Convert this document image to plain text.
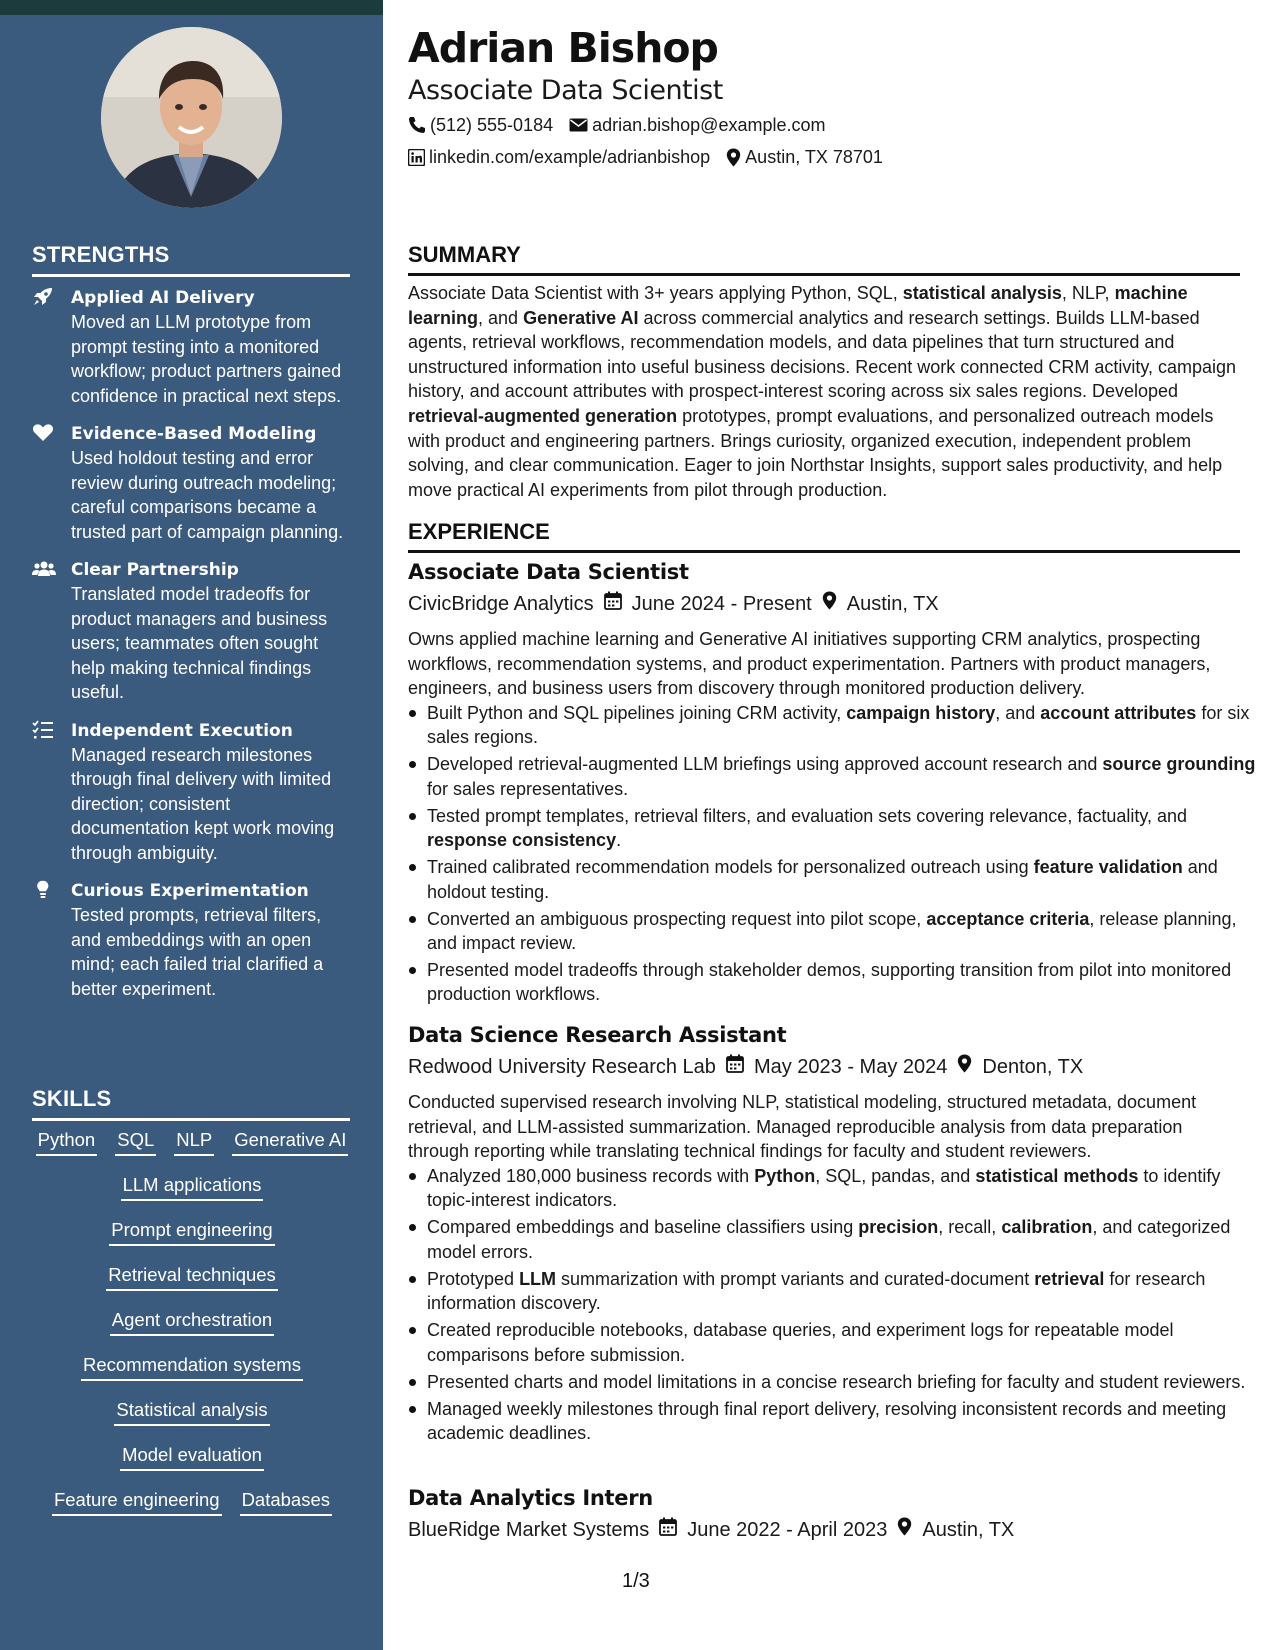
STRENGTHS
Applied AI Delivery
Moved an LLM prototype from prompt testing into a monitored workflow; product partners gained confidence in practical next steps.
Evidence-Based Modeling
Used holdout testing and error review during outreach modeling; careful comparisons became a trusted part of campaign planning.
Clear Partnership
Translated model tradeoffs for product managers and business users; teammates often sought help making technical findings useful.
Independent Execution
Managed research milestones through final delivery with limited direction; consistent documentation kept work moving through ambiguity.
Curious Experimentation
Tested prompts, retrieval filters, and embeddings with an open mind; each failed trial clarified a better experiment.
SKILLS
Python SQL NLP Generative AI
LLM applications
Prompt engineering
Retrieval techniques
Agent orchestration
Recommendation systems
Statistical analysis
Model evaluation
Feature engineering Databases
Adrian Bishop
Associate Data Scientist
(512) 555-0184 adrian.bishop@example.com
linkedin.com/example/adrianbishop Austin, TX 78701
SUMMARY
Associate Data Scientist with 3+ years applying Python, SQL, statistical analysis, NLP, machine learning, and Generative AI across commercial analytics and research settings. Builds LLM-based agents, retrieval workflows, recommendation models, and data pipelines that turn structured and unstructured information into useful business decisions. Recent work connected CRM activity, campaign history, and account attributes with prospect-interest scoring across six sales regions. Developed retrieval-augmented generation prototypes, prompt evaluations, and personalized outreach models with product and engineering partners. Brings curiosity, organized execution, independent problem solving, and clear communication. Eager to join Northstar Insights, support sales productivity, and help move practical AI experiments from pilot through production.
EXPERIENCE
Associate Data Scientist
CivicBridge Analytics June 2024 - Present Austin, TX
Owns applied machine learning and Generative AI initiatives supporting CRM analytics, prospecting workflows, recommendation systems, and product experimentation. Partners with product managers, engineers, and business users from discovery through monitored production delivery.
Built Python and SQL pipelines joining CRM activity, campaign history, and account attributes for six sales regions.
Developed retrieval-augmented LLM briefings using approved account research and source grounding for sales representatives.
Tested prompt templates, retrieval filters, and evaluation sets covering relevance, factuality, and response consistency.
Trained calibrated recommendation models for personalized outreach using feature validation and holdout testing.
Converted an ambiguous prospecting request into pilot scope, acceptance criteria, release planning, and impact review.
Presented model tradeoffs through stakeholder demos, supporting transition from pilot into monitored production workflows.
Data Science Research Assistant
Redwood University Research Lab May 2023 - May 2024 Denton, TX
Conducted supervised research involving NLP, statistical modeling, structured metadata, document retrieval, and LLM-assisted summarization. Managed reproducible analysis from data preparation through reporting while translating technical findings for faculty and student reviewers.
Analyzed 180,000 business records with Python, SQL, pandas, and statistical methods to identify topic-interest indicators.
Compared embeddings and baseline classifiers using precision, recall, calibration, and categorized model errors.
Prototyped LLM summarization with prompt variants and curated-document retrieval for research information discovery.
Created reproducible notebooks, database queries, and experiment logs for repeatable model comparisons before submission.
Presented charts and model limitations in a concise research briefing for faculty and student reviewers.
Managed weekly milestones through final report delivery, resolving inconsistent records and meeting academic deadlines.
Data Analytics Intern
BlueRidge Market Systems June 2022 - April 2023 Austin, TX
1/3
